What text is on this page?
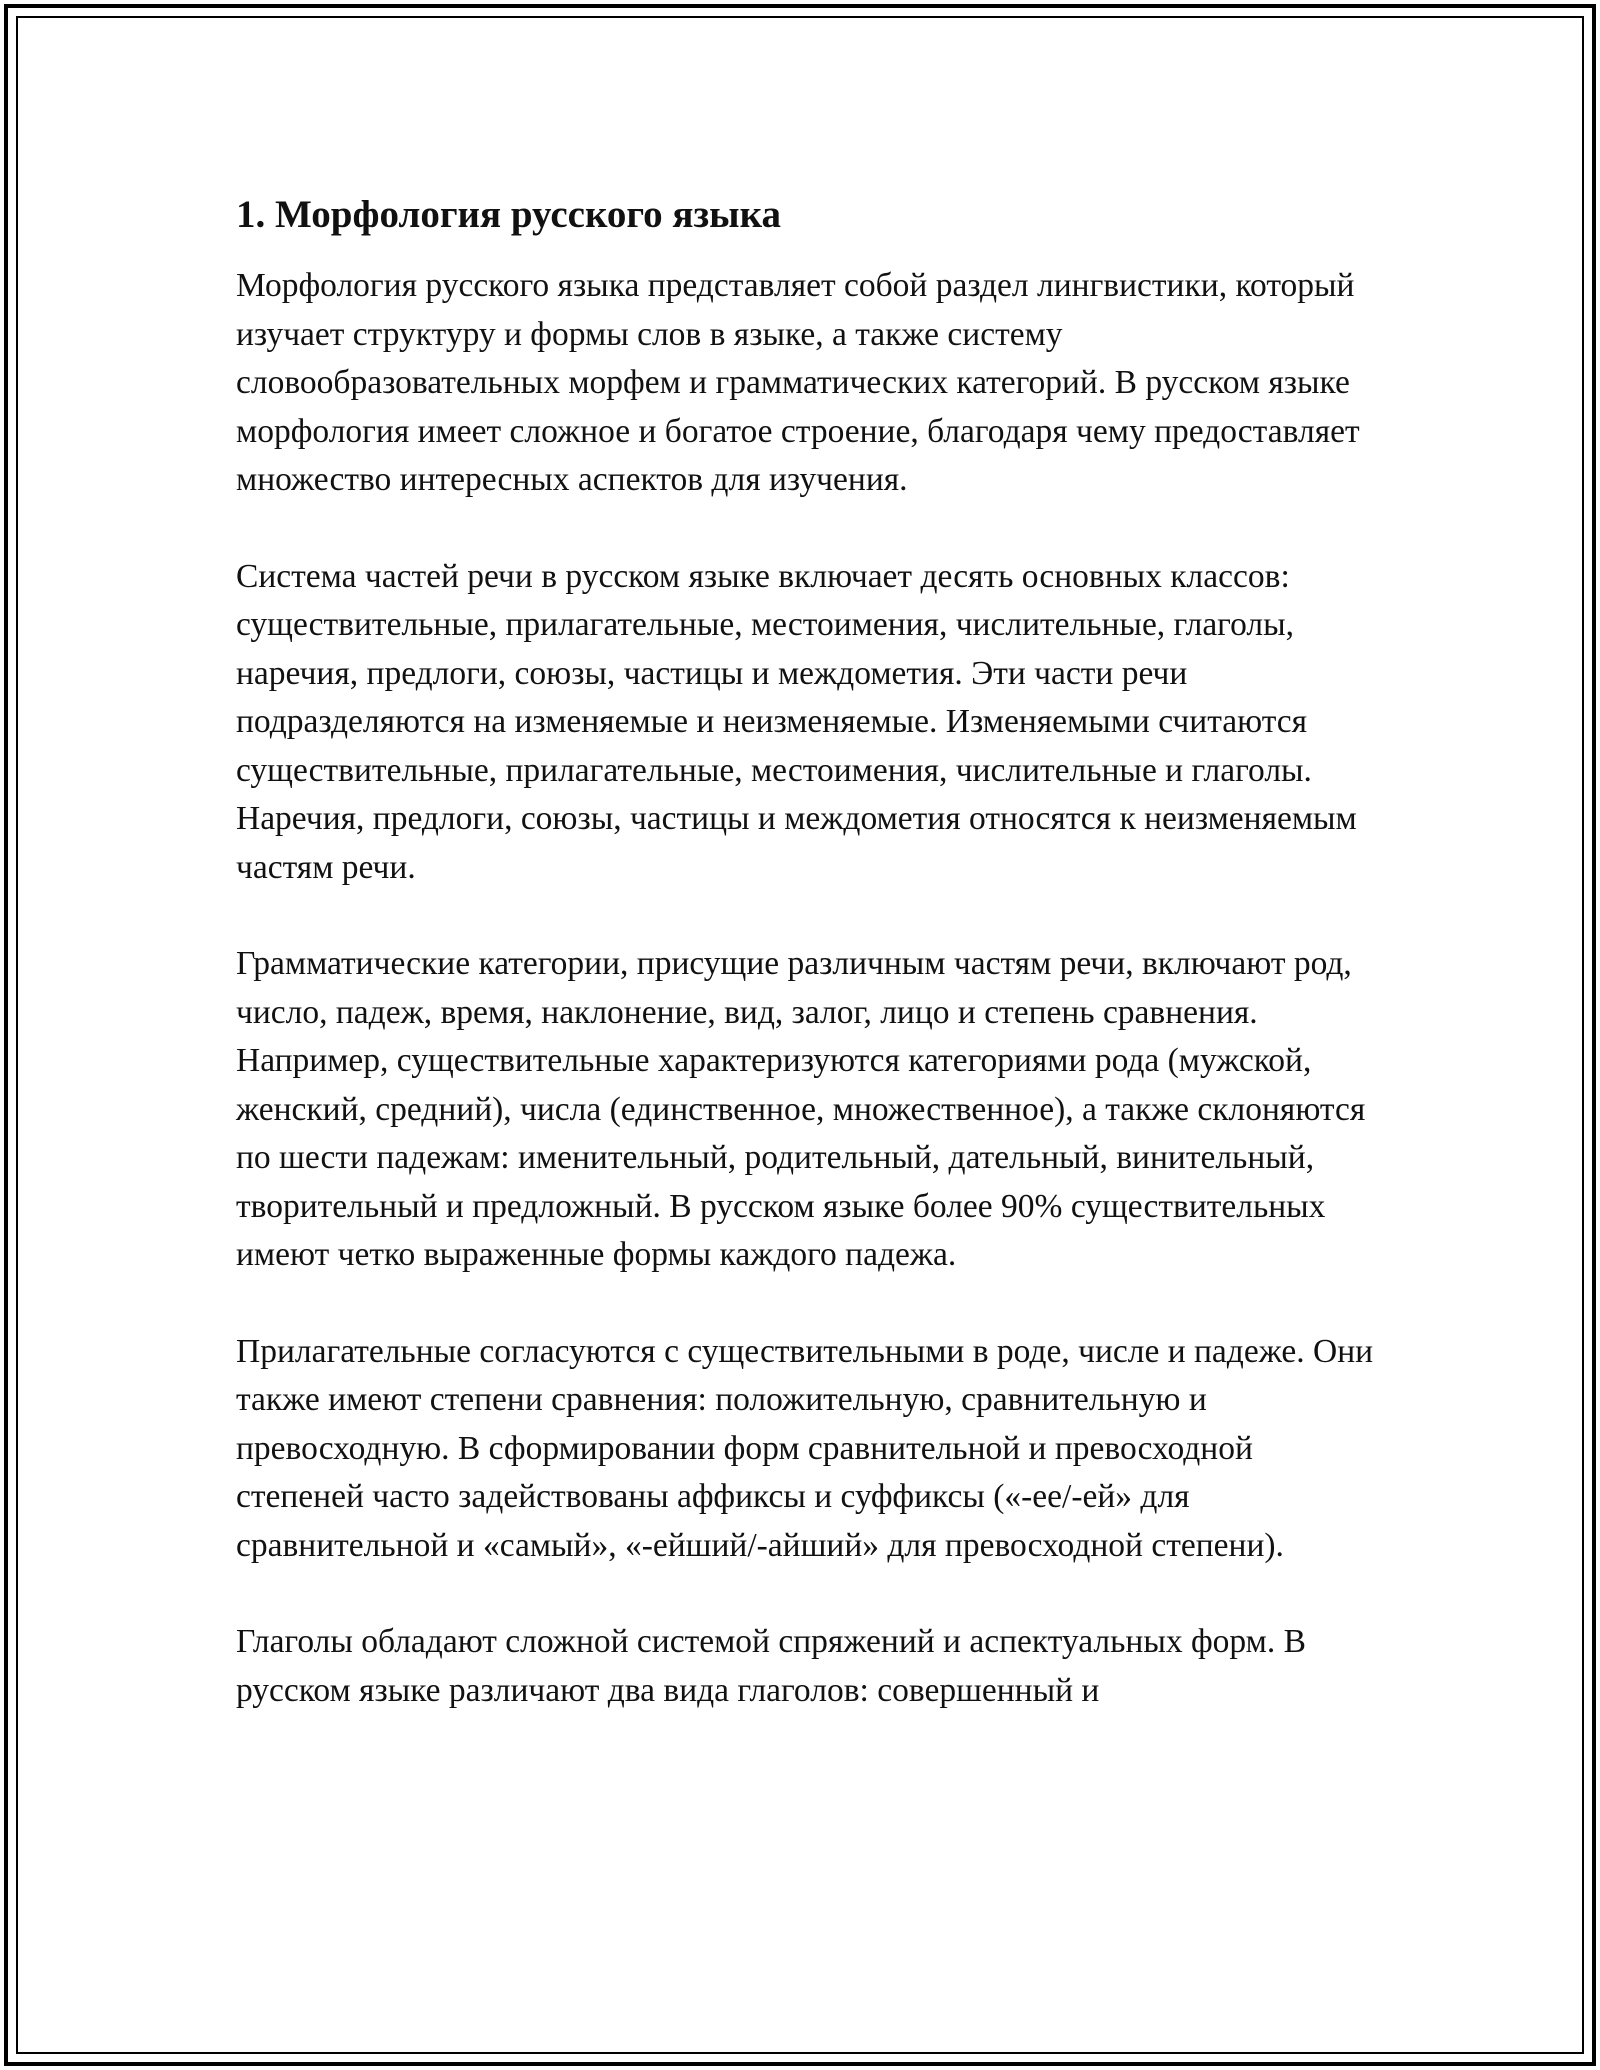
1. Морфология русского языка

Морфология русского языка представляет собой раздел лингвистики, который изучает структуру и формы слов в языке, а также систему словообразовательных морфем и грамматических категорий. В русском языке морфология имеет сложное и богатое строение, благодаря чему предоставляет множество интересных аспектов для изучения.

Система частей речи в русском языке включает десять основных классов: существительные, прилагательные, местоимения, числительные, глаголы, наречия, предлоги, союзы, частицы и междометия. Эти части речи подразделяются на изменяемые и неизменяемые. Изменяемыми считаются существительные, прилагательные, местоимения, числительные и глаголы. Наречия, предлоги, союзы, частицы и междометия относятся к неизменяемым частям речи.

Грамматические категории, присущие различным частям речи, включают род, число, падеж, время, наклонение, вид, залог, лицо и степень сравнения. Например, существительные характеризуются категориями рода (мужской, женский, средний), числа (единственное, множественное), а также склоняются по шести падежам: именительный, родительный, дательный, винительный, творительный и предложный. В русском языке более 90% существительных имеют четко выраженные формы каждого падежа.

Прилагательные согласуются с существительными в роде, числе и падеже. Они также имеют степени сравнения: положительную, сравнительную и превосходную. В сформировании форм сравнительной и превосходной степеней часто задействованы аффиксы и суффиксы («-ее/-ей» для сравнительной и «самый», «-ейший/-айший» для превосходной степени).

Глаголы обладают сложной системой спряжений и аспектуальных форм. В русском языке различают два вида глаголов: совершенный и
